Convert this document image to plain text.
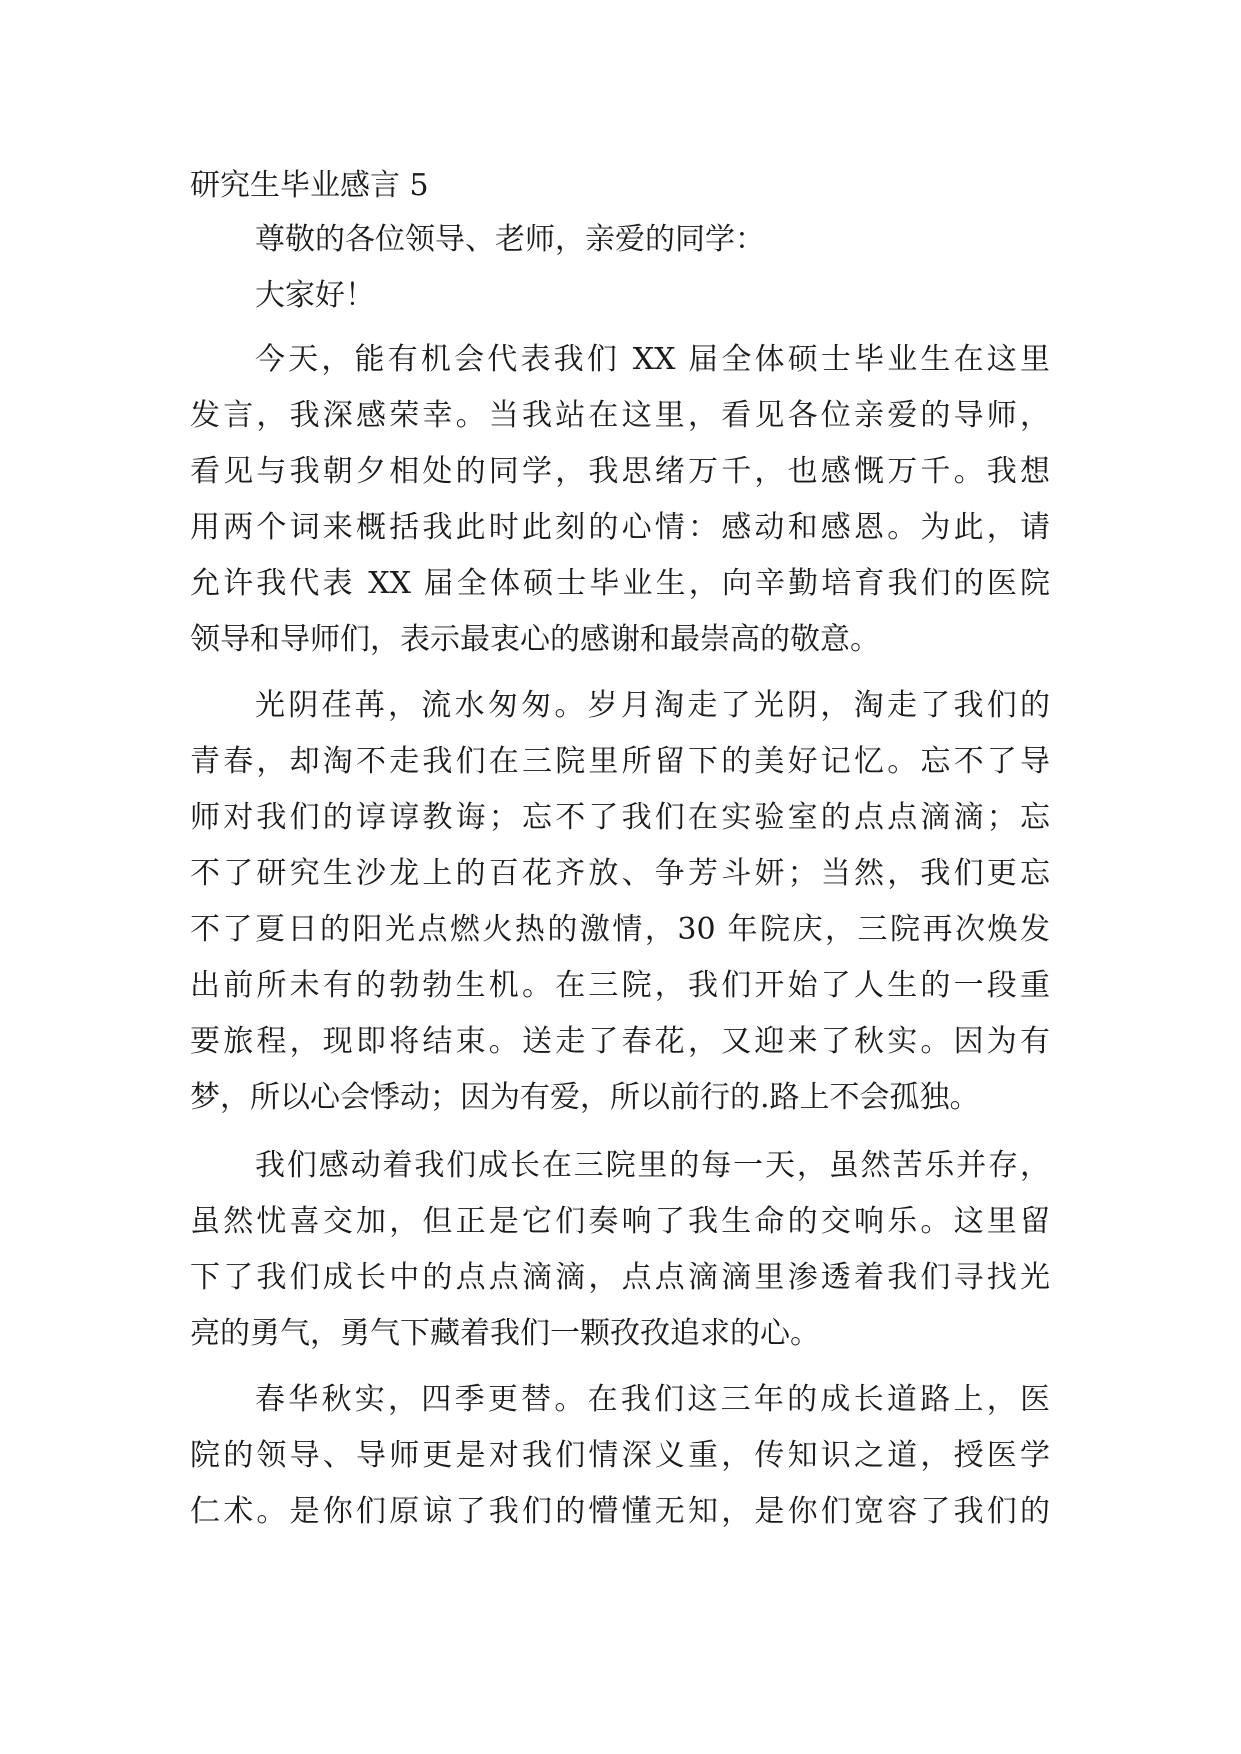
研究生毕业感言 5
尊敬的各位领导、老师，亲爱的同学：
大家好！
今天，能有机会代表我们 XX 届全体硕士毕业生在这里
发言，我深感荣幸。当我站在这里，看见各位亲爱的导师，
看见与我朝夕相处的同学，我思绪万千，也感慨万千。我想
用两个词来概括我此时此刻的心情：感动和感恩。为此，请
允许我代表 XX 届全体硕士毕业生，向辛勤培育我们的医院
领导和导师们，表示最衷心的感谢和最崇高的敬意。
光阴荏苒，流水匆匆。岁月淘走了光阴，淘走了我们的
青春，却淘不走我们在三院里所留下的美好记忆。忘不了导
师对我们的谆谆教诲；忘不了我们在实验室的点点滴滴；忘
不了研究生沙龙上的百花齐放、争芳斗妍；当然，我们更忘
不了夏日的阳光点燃火热的激情，30 年院庆，三院再次焕发
出前所未有的勃勃生机。在三院，我们开始了人生的一段重
要旅程，现即将结束。送走了春花，又迎来了秋实。因为有
梦，所以心会悸动；因为有爱，所以前行的.路上不会孤独。
我们感动着我们成长在三院里的每一天，虽然苦乐并存，
虽然忧喜交加，但正是它们奏响了我生命的交响乐。这里留
下了我们成长中的点点滴滴，点点滴滴里渗透着我们寻找光
亮的勇气，勇气下藏着我们一颗孜孜追求的心。
春华秋实，四季更替。在我们这三年的成长道路上，医
院的领导、导师更是对我们情深义重，传知识之道，授医学
仁术。是你们原谅了我们的懵懂无知，是你们宽容了我们的
